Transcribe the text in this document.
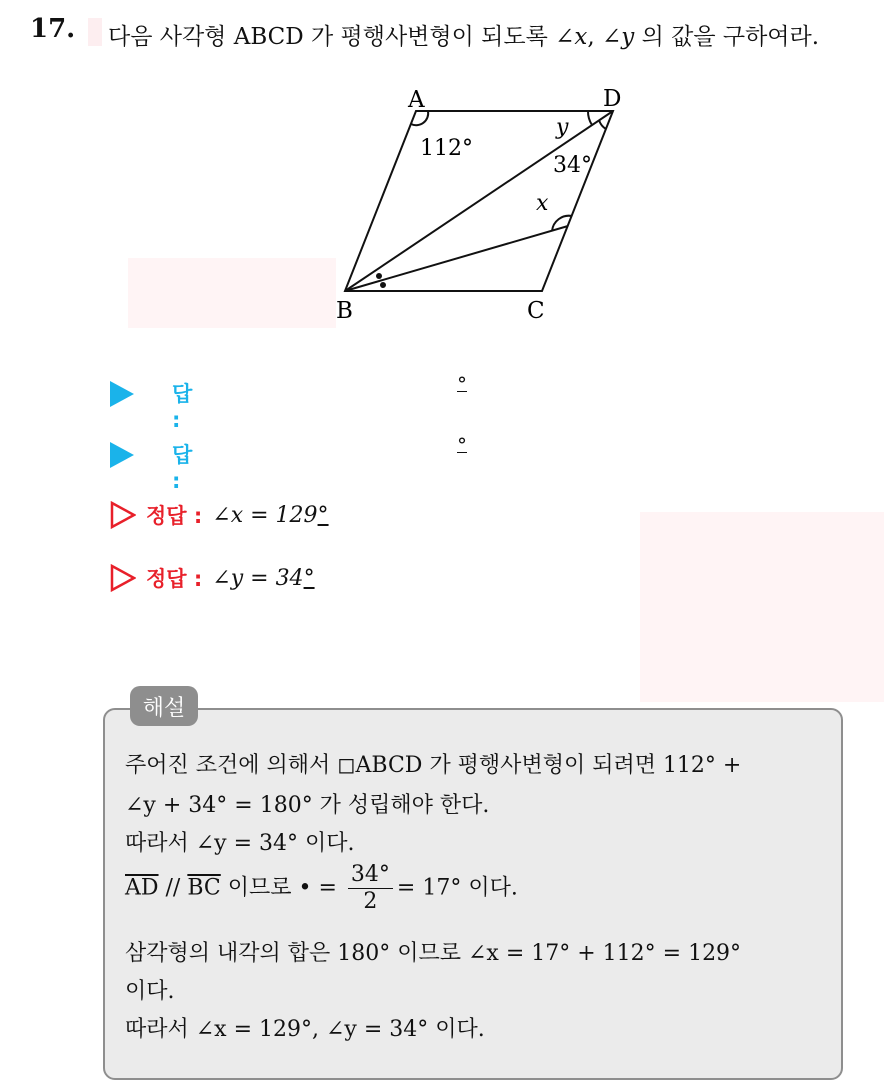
17. 다음 사각형 ABCD 가 평행사변형이 되도록 ∠x, ∠y 의 값을 구하여라.
A	D
B	C
112°
y
34°
x
답 :
°
답 :
°
정답 : ∠x = 129°
정답 : ∠y = 34°
해설
주어진 조건에 의해서 ◻ABCD 가 평행사변형이 되려면 112° +
∠y + 34° = 180° 가 성립해야 한다.
따라서 ∠y = 34° 이다.
$\overline{AD} // \overline{BC}$ 이므로 • = $\frac{34^\circ}{2} = 17^\circ$ 이다.
삼각형의 내각의 합은 180° 이므로 ∠x = 17° + 112° = 129°
이다.
따라서 ∠x = 129°, ∠y = 34° 이다.
